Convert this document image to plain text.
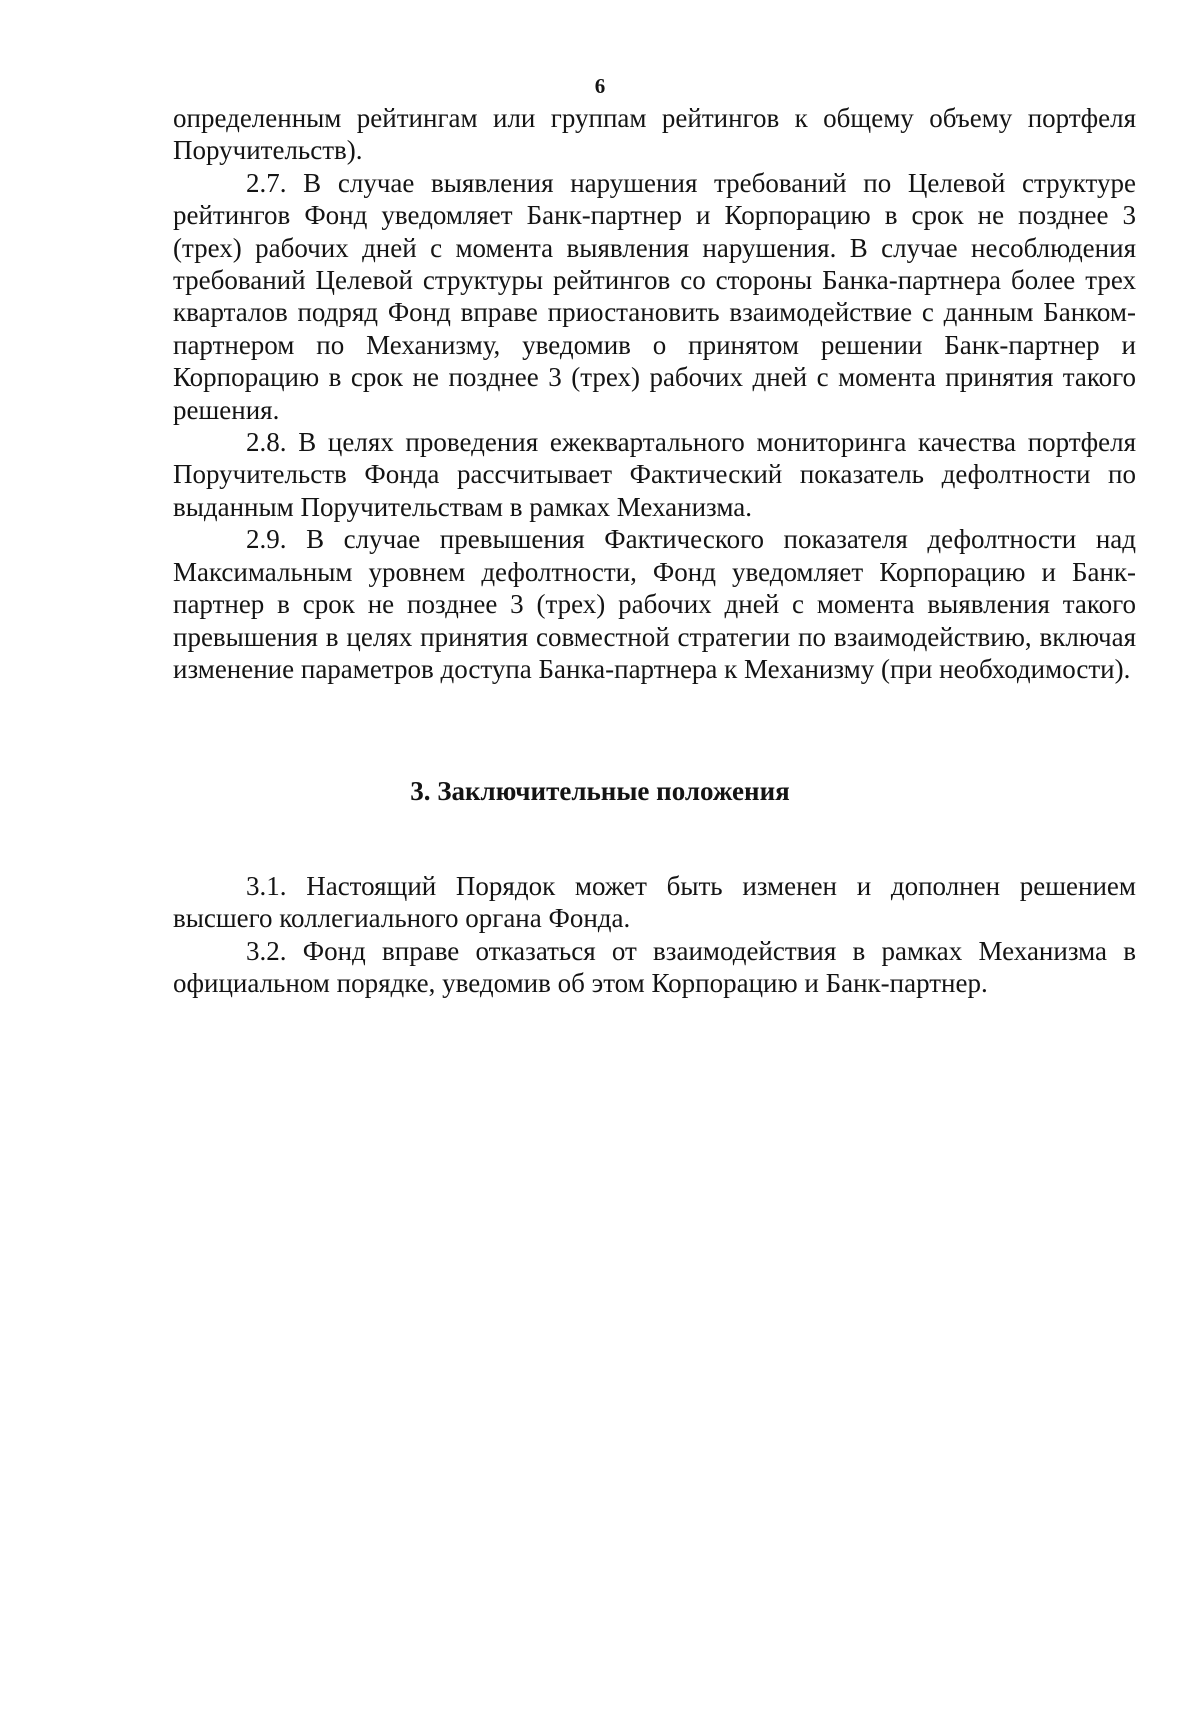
6

определенным рейтингам или группам рейтингов к общему объему портфеля Поручительств).

2.7. В случае выявления нарушения требований по Целевой структуре рейтингов Фонд уведомляет Банк-партнер и Корпорацию в срок не позднее 3 (трех) рабочих дней с момента выявления нарушения. В случае несоблюдения требований Целевой структуры рейтингов со стороны Банка-партнера более трех кварталов подряд Фонд вправе приостановить взаимодействие с данным Банком-партнером по Механизму, уведомив о принятом решении Банк-партнер и Корпорацию в срок не позднее 3 (трех) рабочих дней с момента принятия такого решения.

2.8. В целях проведения ежеквартального мониторинга качества портфеля Поручительств Фонда рассчитывает Фактический показатель дефолтности по выданным Поручительствам в рамках Механизма.

2.9. В случае превышения Фактического показателя дефолтности над Максимальным уровнем дефолтности, Фонд уведомляет Корпорацию и Банк-партнер в срок не позднее 3 (трех) рабочих дней с момента выявления такого превышения в целях принятия совместной стратегии по взаимодействию, включая изменение параметров доступа Банка-партнера к Механизму (при необходимости).

3. Заключительные положения

3.1. Настоящий Порядок может быть изменен и дополнен решением высшего коллегиального органа Фонда.

3.2. Фонд вправе отказаться от взаимодействия в рамках Механизма в официальном порядке, уведомив об этом Корпорацию и Банк-партнер.
